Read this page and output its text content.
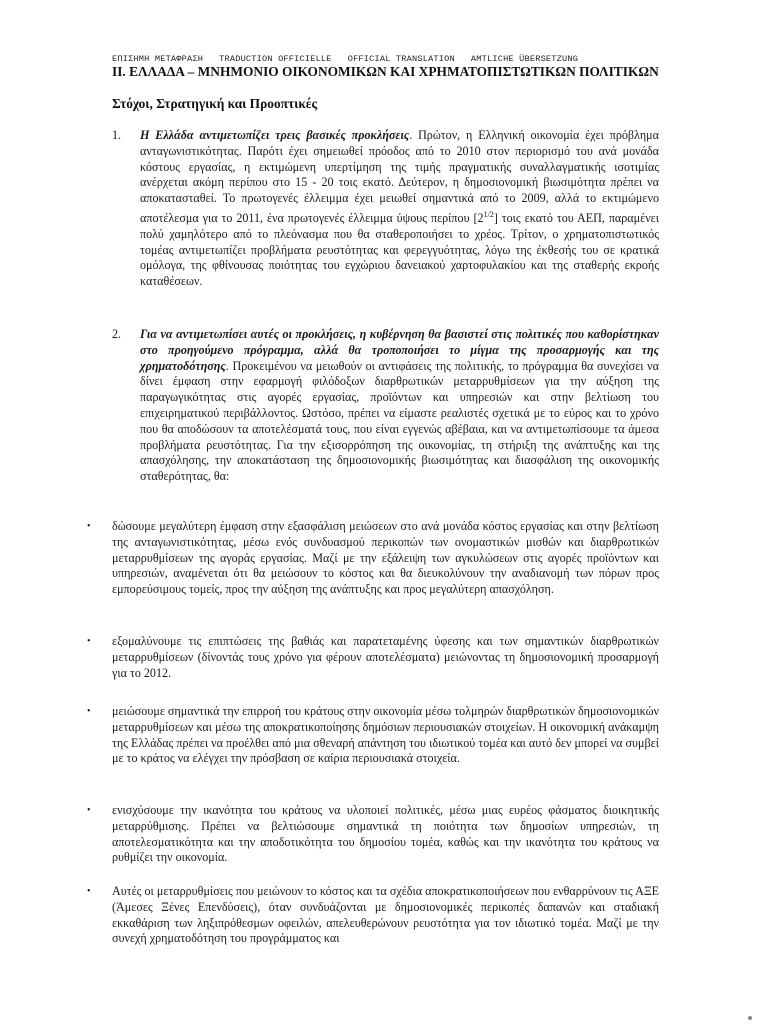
ΕΠΙΣΗΜΗ ΜΕΤΑΦΡΑΣΗ   TRADUCTION OFFICIELLE   OFFICIAL TRANSLATION   AMTLICHE ÜBERSETZUNG
II. ΕΛΛΑΔΑ – ΜΝΗΜΟΝΙΟ ΟΙΚΟΝΟΜΙΚΩΝ ΚΑΙ ΧΡΗΜΑΤΟΠΙΣΤΩΤΙΚΩΝ ΠΟΛΙΤΙΚΩΝ
Στόχοι, Στρατηγική και Προοπτικές
1. Η Ελλάδα αντιμετωπίζει τρεις βασικές προκλήσεις. Πρώτον, η Ελληνική οικονομία έχει πρόβλημα ανταγωνιστικότητας. Παρότι έχει σημειωθεί πρόοδος από το 2010 στον περιορισμό του ανά μονάδα κόστους εργασίας, η εκτιμώμενη υπερτίμηση της τιμής πραγματικής συναλλαγματικής ισοτιμίας ανέρχεται ακόμη περίπου στο 15 - 20 τοις εκατό. Δεύτερον, η δημοσιονομική βιωσιμότητα πρέπει να αποκατασταθεί. Το πρωτογενές έλλειμμα έχει μειωθεί σημαντικά από το 2009, αλλά το εκτιμώμενο αποτέλεσμα για το 2011, ένα πρωτογενές έλλειμμα ύψους περίπου $[2^{1/2}]$ τοις εκατό του ΑΕΠ, παραμένει πολύ χαμηλότερο από το πλεόνασμα που θα σταθεροποιήσει το χρέος. Τρίτον, ο χρηματοπιστωτικός τομέας αντιμετωπίζει προβλήματα ρευστότητας και φερεγγυότητας, λόγω της έκθεσής του σε κρατικά ομόλογα, της φθίνουσας ποιότητας του εγχώριου δανειακού χαρτοφυλακίου και της σταθερής εκροής καταθέσεων.
2. Για να αντιμετωπίσει αυτές οι προκλήσεις, η κυβέρνηση θα βασιστεί στις πολιτικές που καθορίστηκαν στο προηγούμενο πρόγραμμα, αλλά θα τροποποιήσει το μίγμα της προσαρμογής και της χρηματοδότησης. Προκειμένου να μειωθούν οι αντιφάσεις της πολιτικής, το πρόγραμμα θα συνεχίσει να δίνει έμφαση στην εφαρμογή φιλόδοξων διαρθρωτικών μεταρρυθμίσεων για την αύξηση της παραγωγικότητας στις αγορές εργασίας, προϊόντων και υπηρεσιών και στην βελτίωση του επιχειρηματικού περιβάλλοντος. Ωστόσο, πρέπει να είμαστε ρεαλιστές σχετικά με το εύρος και το χρόνο που θα αποδώσουν τα αποτελέσματά τους, που είναι εγγενώς αβέβαια, και να αντιμετωπίσουμε τα άμεσα προβλήματα ρευστότητας. Για την εξισορρόπηση της οικονομίας, τη στήριξη της ανάπτυξης και της απασχόλησης, την αποκατάσταση της δημοσιονομικής βιωσιμότητας και διασφάλιση της οικονομικής σταθερότητας, θα:
• δώσουμε μεγαλύτερη έμφαση στην εξασφάλιση μειώσεων στο ανά μονάδα κόστος εργασίας και στην βελτίωση της ανταγωνιστικότητας, μέσω ενός συνδυασμού περικοπών των ονομαστικών μισθών και διαρθρωτικών μεταρρυθμίσεων της αγοράς εργασίας. Μαζί με την εξάλειψη των αγκυλώσεων στις αγορές προϊόντων και υπηρεσιών, αναμένεται ότι θα μειώσουν το κόστος και θα διευκολύνουν την αναδιανομή των πόρων προς εμπορεύσιμους τομείς, προς την αύξηση της ανάπτυξης και προς μεγαλύτερη απασχόληση.
• εξομαλύνουμε τις επιπτώσεις της βαθιάς και παρατεταμένης ύφεσης και των σημαντικών διαρθρωτικών μεταρρυθμίσεων (δίνοντάς τους χρόνο για φέρουν αποτελέσματα) μειώνοντας τη δημοσιονομική προσαρμογή για το 2012.
• μειώσουμε σημαντικά την επιρροή του κράτους στην οικονομία μέσω τολμηρών διαρθρωτικών δημοσιονομικών μεταρρυθμίσεων και μέσω της αποκρατικοποίησης δημόσιων περιουσιακών στοιχείων. Η οικονομική ανάκαμψη της Ελλάδας πρέπει να προέλθει από μια σθεναρή απάντηση του ιδιωτικού τομέα και αυτό δεν μπορεί να συμβεί με το κράτος να ελέγχει την πρόσβαση σε καίρια περιουσιακά στοιχεία.
• ενισχύσουμε την ικανότητα του κράτους να υλοποιεί πολιτικές, μέσω μιας ευρέος φάσματος διοικητικής μεταρρύθμισης. Πρέπει να βελτιώσουμε σημαντικά τη ποιότητα των δημοσίων υπηρεσιών, τη αποτελεσματικότητα και την αποδοτικότητα του δημοσίου τομέα, καθώς και την ικανότητα του κράτους να ρυθμίζει την οικονομία.
• Αυτές οι μεταρρυθμίσεις που μειώνουν το κόστος και τα σχέδια αποκρατικοποιήσεων που ενθαρρύνουν τις ΑΞΕ (Άμεσες Ξένες Επενδύσεις), όταν συνδυάζονται με δημοσιονομικές περικοπές δαπανών και σταδιακή εκκαθάριση των ληξιπρόθεσμων οφειλών, απελευθερώνουν ρευστότητα για τον ιδιωτικό τομέα. Μαζί με την συνεχή χρηματοδότηση του προγράμματος και
